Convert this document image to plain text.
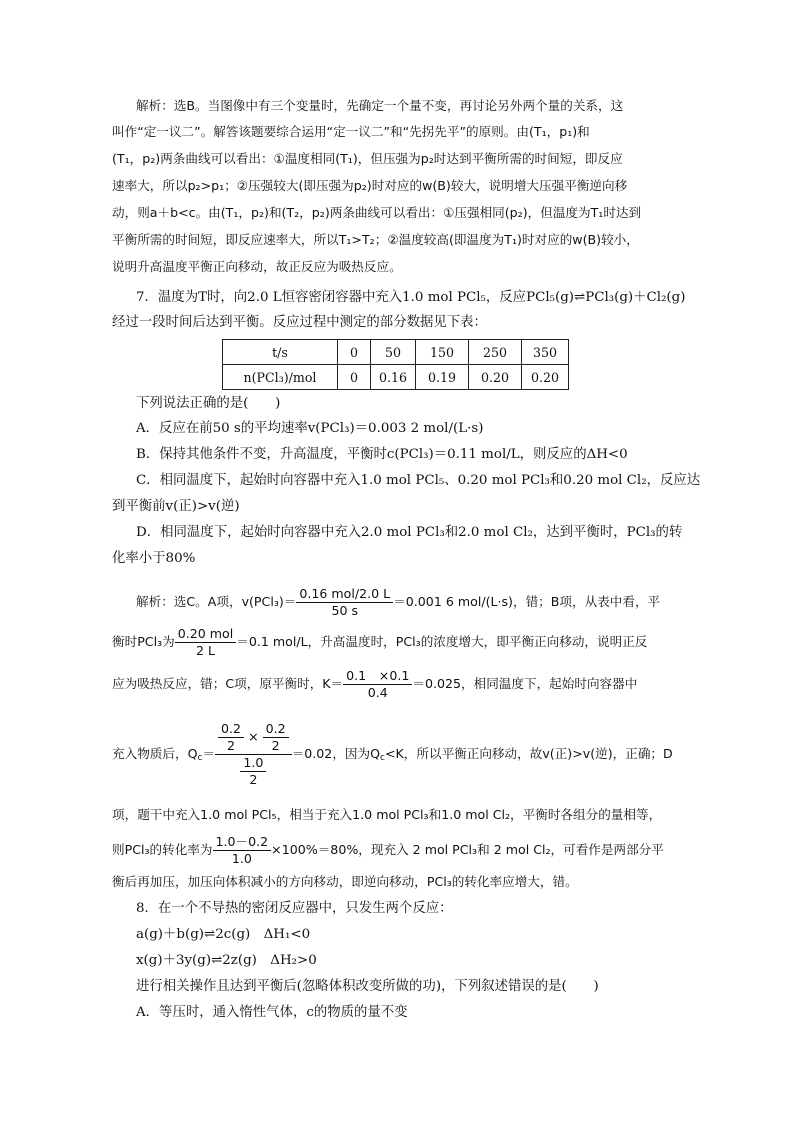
解析：选B。当图像中有三个变量时，先确定一个量不变，再讨论另外两个量的关系，这
叫作“定一议二”。解答该题要综合运用“定一议二”和“先拐先平”的原则。由(T₁，p₁)和
(T₁，p₂)两条曲线可以看出：①温度相同(T₁)，但压强为p₂时达到平衡所需的时间短，即反应
速率大，所以p₂>p₁；②压强较大(即压强为p₂)时对应的w(B)较大，说明增大压强平衡逆向移
动，则a＋b<c。由(T₁，p₂)和(T₂，p₂)两条曲线可以看出：①压强相同(p₂)，但温度为T₁时达到
平衡所需的时间短，即反应速率大，所以T₁>T₂；②温度较高(即温度为T₁)时对应的w(B)较小，
说明升高温度平衡正向移动，故正反应为吸热反应。
7．温度为T时，向2.0 L恒容密闭容器中充入1.0 mol PCl₅，反应PCl₅(g)⇌PCl₃(g)＋Cl₂(g)
经过一段时间后达到平衡。反应过程中测定的部分数据见下表：
t/s	0	50	150	250	350
n(PCl₃)/mol	0	0.16	0.19	0.20	0.20
下列说法正确的是(　　)
A．反应在前50 s的平均速率v(PCl₃)＝0.003 2 mol/(L·s)
B．保持其他条件不变，升高温度，平衡时c(PCl₃)＝0.11 mol/L，则反应的ΔH<0
C．相同温度下，起始时向容器中充入1.0 mol PCl₅、0.20 mol PCl₃和0.20 mol Cl₂，反应达
到平衡前v(正)>v(逆)
D．相同温度下，起始时向容器中充入2.0 mol PCl₃和2.0 mol Cl₂，达到平衡时，PCl₃的转
化率小于80%
解析：选C。A项，$v(PCl_3)= \frac{\text{0.16 mol/2.0 L}}{50 s} =0.001$ 6 mol/(L·s)，错；B项，从表中看，平
衡时PCl₃为 $\frac{\text{0.20 mol}}{2 L} =0.1$ mol/L，升高温度时，PCl₃的浓度增大，即平衡正向移动，说明正反
应为吸热反应，错；C项，原平衡时，$K= \frac{0.1 \times 0.1}{0.4} =0.025$，相同温度下，起始时向容器中
充入物质后，$Q_c= \frac{\frac{0.2}{2} \times \frac{0.2}{2}}{\frac{1.0}{2}} =0.02$，因为$Q_c<K$，所以平衡正向移动，故v(正)>v(逆)，正确；D
项，题干中充入1.0 mol PCl₅，相当于充入1.0 mol PCl₃和1.0 mol Cl₂，平衡时各组分的量相等，
则PCl₃的转化率为 $\frac{1.0-0.2}{1.0} \times 100\%=80\%$，现充入 2 mol PCl₃和 2 mol Cl₂，可看作是两部分平
衡后再加压，加压向体积减小的方向移动，即逆向移动，PCl₃的转化率应增大，错。
8．在一个不导热的密闭反应器中，只发生两个反应：
a(g)＋b(g)⇌2c(g)　ΔH₁<0
x(g)＋3y(g)⇌2z(g)　ΔH₂>0
进行相关操作且达到平衡后(忽略体积改变所做的功)，下列叙述错误的是(　　)
A．等压时，通入惰性气体，c的物质的量不变
